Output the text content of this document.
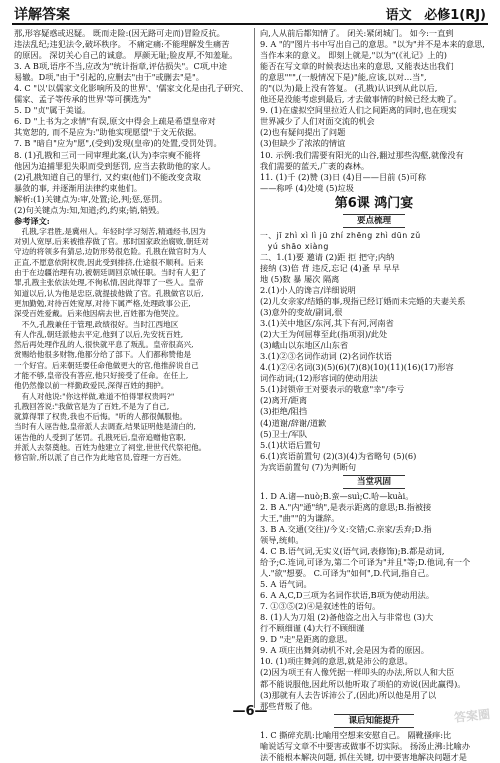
详解答案	语文 必修1(RJ)

那,形容疑惑或迟疑。 既而走险:(因无路可走而)冒险反抗。

违法乱纪;违犯法令,破坏秩序。 不痛定痛:不能理解发生痛苦

的原因。 深切关心自己的诚意。 厚颜无耻;脸皮厚,不知羞耻。

3. A B项,语序不当,应改为"统计指章,评估损失"。C项,中途

易辙。D项,"由于"引起的,应删去"由于"或删去"是"。

4. C "以'以儒家文化影响所及的世界'、'儒家文化是由孔子研究、

儒家、孟子等传承的世界'等可撰选为"

5. D "贞"属于美谥。

6. D "上书为之求情"有误,原文中得会上疏是希望皇帝对

其宽恕的, 而不是应为:"助他实现愿望"于文无依据。

7. B "暗自"应为"愿",(受到)发现(皇帝)的处置,受罚处罚。

8. (1)孔戡和三司一同审理此案,(认为)李宗奭不能将

他因为追捕罪犯失职而受到惩罚, 应当去救助他的家人。

(2)孔戡知道自己的罪行, 又约束(他们)不能改变贪取

暴敛的事, 并逐渐用法律约束他们。

解析:(1)关键点为:审,处置;论,判;惩,惩罚。

(2)句关键点为:知,知道;约,约束;销,销毁。

参考译文:

孔戡,字君胜,是冀州人。年轻时学习刻苦,精通经书,因为

对别人宽厚,后来被推荐做了官。那时国家政治腐败,朝廷对

守边的将领多有猜忌,边防形势很危险。孔戡在做官时为人

正直,不愿意依附权贵,因此受到排挤,仕途很不顺利。后来

由于在边疆治理有功,被朝廷调回京城任职。当时有人犯了

罪,孔戡主张依法处理,不徇私情,因此得罪了一些人。皇帝

知道以后,认为他是忠臣,就提拔他做了官。孔戡做官以后,

更加勤勉,对待百姓宽厚,对待下属严格,处理政事公正,

深受百姓爱戴。后来他因病去世,百姓都为他哭泣。

不久,孔戡兼任于管理,政绩很好。当时江西地区

有人作乱,朝廷派他去平定,他到了以后,先安抚百姓,

然后再处理作乱的人,很快就平息了叛乱。皇帝很高兴,

赏赐给他很多财物,他都分给了部下。人们都称赞他是

一个好官。后来朝廷要任命他做更大的官,他推辞说自己

才能不够,皇帝没有答应,他只好接受了任命。在任上,

他仍然像以前一样勤政爱民,深得百姓的拥护。

有人对他说:"你这样做,难道不怕得罪权贵吗?"

孔戡回答说:"我做官是为了百姓,不是为了自己,

就算得罪了权贵,我也不后悔。"听的人都很佩服他。

当时有人诬告他,皇帝派人去调查,结果证明他是清白的,

诬告他的人受到了惩罚。孔戡死后,皇帝追赠他官职,

并派人去祭奠他。百姓为他建立了祠堂,世世代代祭祀他。

修官阶,所以派了自己作为此地官员,管理一方百姓。

向,人从前后都知情了。 闭关:紧闭城门。 如今:一直到

9. A "的"图片书中写出自己的意思。"以为"并不是本来的意思,

当作本来的意义。 即刻上就是,"以为"(《礼记》上的)

能否在写文章的时候表达出来的意思, 又能表达出我们

的意思""",(一般情况下是)"能,应该,以对…当",

的"(以为)最上没有答复。 (孔戡)认识到从此以后,

他还是没能考虑到最后, 才去做事情的时候已经太晚了。

9. (1)在虚拟空间里拉近人们之间距离的同时,也在现实

世界减少了人们对面交流的机会

(2)也有疑问提出了问题

(3)但缺少了浓浓的情谊

10. 示例:我们需要有阳光的山谷,翻过那些沟壑,就像没有

我们需要的蓝天,广袤的森林。

11. (1)千 (2)赞 (3)日 (4)目——目前 (5)可称

——称呼 (4)处境 (5)垃圾

第6课 鸿门宴
要点梳理

一、jī zhì xì lì jū zhí zhēng zhì dūn zǔ

yú shāo xiàng

二、1.(1)要 邀请 (2)距 拒 把守;内纳

接纳 (3)倍 背 违反,忘记 (4)蚤 早 早早

地 (5)数 暴 屡次 隔离

2.(1)小人的谗言/详细说明

(2)儿女亲家/结婚的事,现指已经订婚而未完婚的夫妻关系

(3)意外的变故/副词,很

3.(1)关中地区/东河,其下有河,河南省

(2)大王为何屈尊至此(指项羽)/此处

(3)峨山以东地区/山东省

3.(1)②③名词作动词 (2)名词作状语

4.(1)②④名词(3)(5)(6)(7)(8)(10)(11)(16)(17)形容

词作动词;(12)形容词的使动用法

5.(1)封锁帝王对要表示的敬意"幸"/李亏

(2)离开/距离

(3)拒绝/阻挡

(4)道谢/辞谢/道歉

(5)卫士/军队

5.(1)状语后置句

6.(1)宾语前置句 (2)(3)(4)为省略句 (5)(6)

为宾语前置句 (7)为判断句

当堂巩固

1. D A.诸—nuò;B.蛮—suì;C.哈—kuài。

2. B A."内"通"纳",是表示距离的意思;B.指被接

大王,"曲""的为谦辞。

3. B A.交通(交往)/今义:交错;C.亲家/丢弃;D.指

领导,统帅。

4. C B.语气词,无实义(语气词,表修饰);B.都是动词,

给予;C.连词,可译为,第二个可译为"并且"等;D.他词,有一个

人."欲"想要。 C.可译为"如何",D.代词,指自己。

5. A 语气词。

6. A A,C,D三项为名词作状语,B项为使动用法。

7. ①③⑤(2)④是叙述性的语句。

8. (1)人为刀俎 (2)备他盗之出入与非常也 (3)大

行不顾细谨 (4)大行不顾细谨

9. D "走"是距离的意思。

9. A 项庄出舞剑动机不对,会是因为肴的原因。

10. (1)项庄舞剑的意思,就是沛公的意思。

(2)因为项王有人像凭据一样叩头的办法,所以人和大臣

都不能说服他,因此所以他听取了项伯的劝说(因此赢得)。

(3)那就有人去告诉沛公了,(因此)所以他是用了以

那些背叛了他。

课后知能提升

1. C 撕碎充肌:比喻用空想来安慰自己。 隔靴搔痒:比

喻说话写文章不中要害或做事不切实际。 扬汤止沸:比喻办

法不能根本解决问题, 抓住关键, 切中要害地解决问题才是

—6—	答案圈
